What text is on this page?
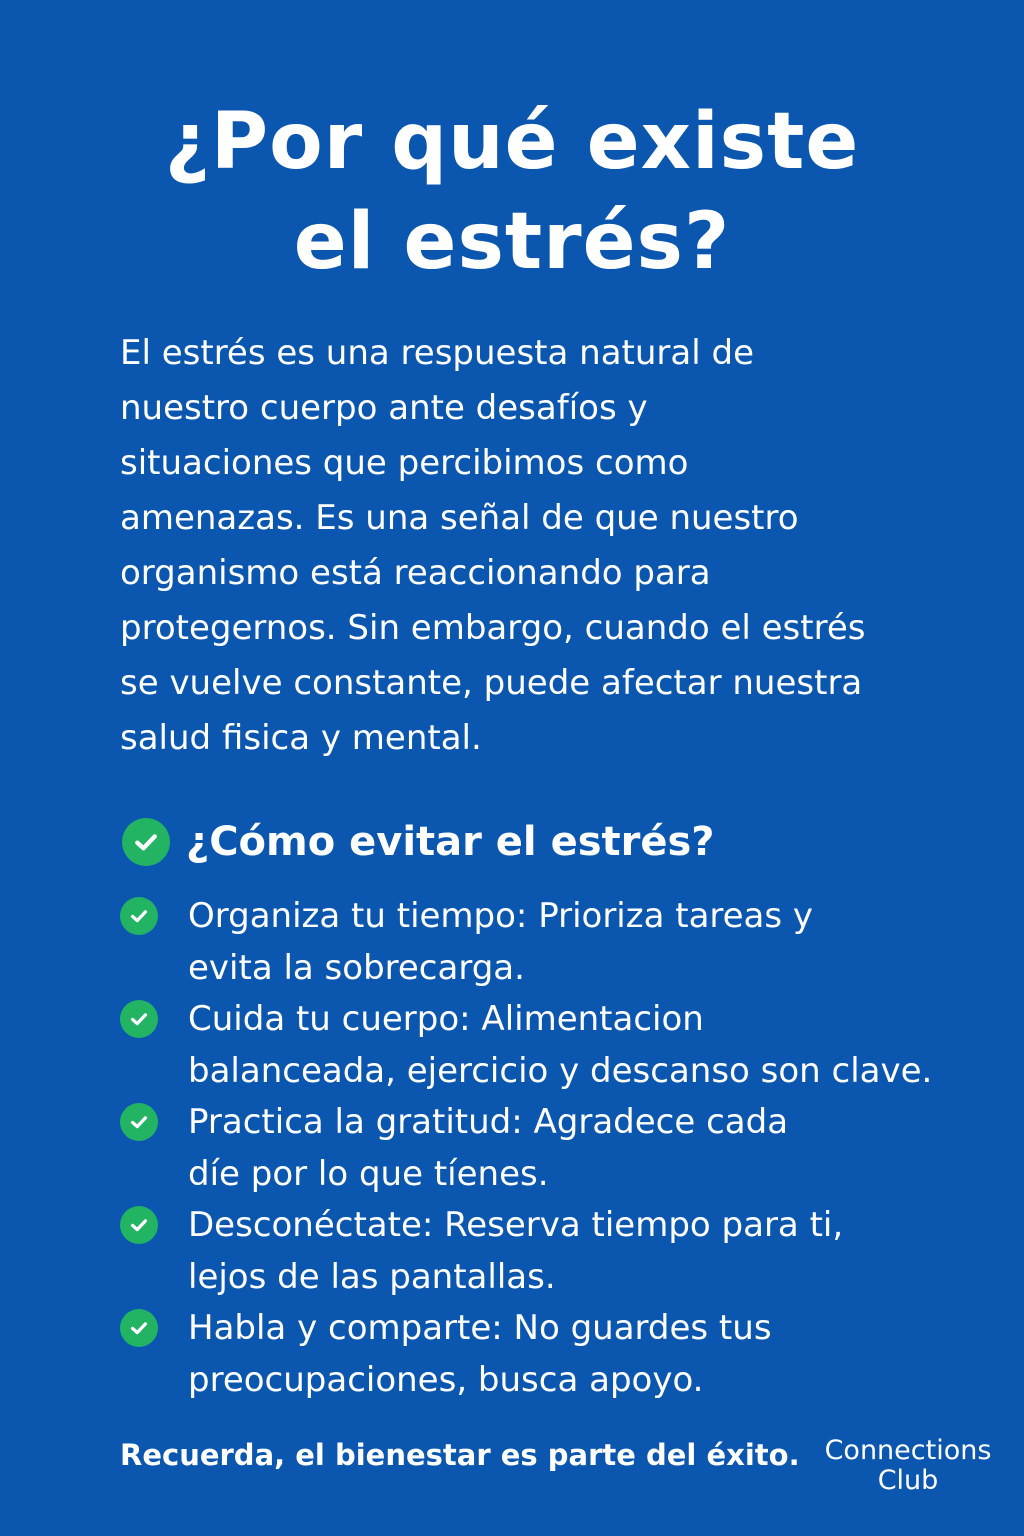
¿Por qué existe
el estrés?

El estrés es una respuesta natural de
nuestro cuerpo ante desafíos y
situaciones que percibimos como
amenazas. Es una señal de que nuestro
organismo está reaccionando para
protegernos. Sin embargo, cuando el estrés
se vuelve constante, puede afectar nuestra
salud fisica y mental.

¿Cómo evitar el estrés?
Organiza tu tiempo: Prioriza tareas y
evita la sobrecarga.
Cuida tu cuerpo: Alimentacion
balanceada, ejercicio y descanso son clave.
Practica la gratitud: Agradece cada
díe por lo que tíenes.
Desconéctate: Reserva tiempo para ti,
lejos de las pantallas.
Habla y comparte: No guardes tus
preocupaciones, busca apoyo.
Recuerda, el bienestar es parte del éxito. Connections
Club
